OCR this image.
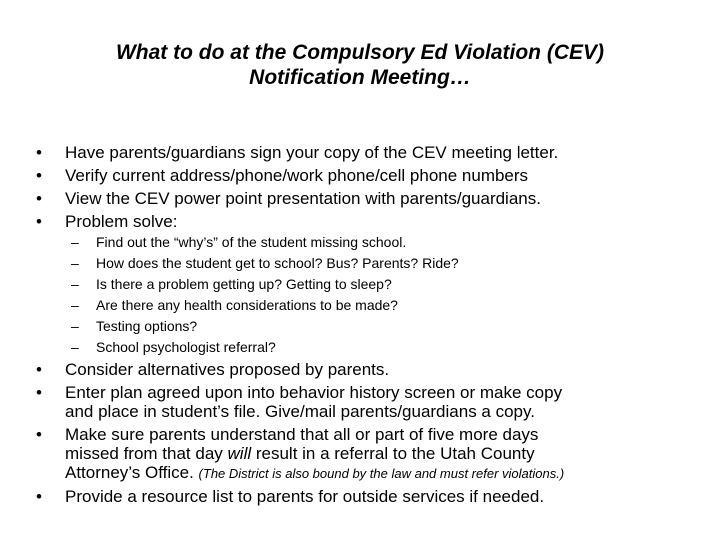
What to do at the Compulsory Ed Violation (CEV)
Notification Meeting…
• Have parents/guardians sign your copy of the CEV meeting letter.
• Verify current address/phone/work phone/cell phone numbers
• View the CEV power point presentation with parents/guardians.
• Problem solve:
– Find out the “why’s” of the student missing school.
– How does the student get to school? Bus? Parents? Ride?
– Is there a problem getting up? Getting to sleep?
– Are there any health considerations to be made?
– Testing options?
– School psychologist referral?
• Consider alternatives proposed by parents.
• Enter plan agreed upon into behavior history screen or make copy
and place in student’s file. Give/mail parents/guardians a copy.
• Make sure parents understand that all or part of five more days
missed from that day will result in a referral to the Utah County
Attorney’s Office. (The District is also bound by the law and must refer violations.)
• Provide a resource list to parents for outside services if needed.
